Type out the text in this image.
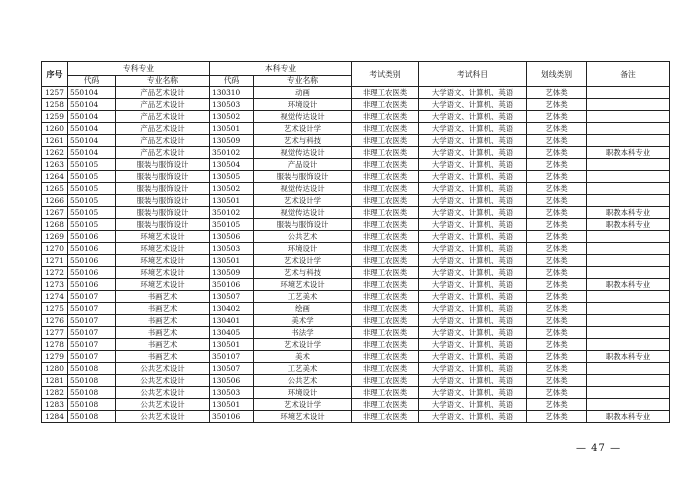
序号	专科专业		本科专业		考试类别	考试科目	划线类别	备注
	代码	专业名称	代码	专业名称				
1257	550104	产品艺术设计	130310	动画	非理工农医类	大学语文、计算机、英语	艺体类	
1258	550104	产品艺术设计	130503	环境设计	非理工农医类	大学语文、计算机、英语	艺体类	
1259	550104	产品艺术设计	130502	视觉传达设计	非理工农医类	大学语文、计算机、英语	艺体类	
1260	550104	产品艺术设计	130501	艺术设计学	非理工农医类	大学语文、计算机、英语	艺体类	
1261	550104	产品艺术设计	130509	艺术与科技	非理工农医类	大学语文、计算机、英语	艺体类	
1262	550104	产品艺术设计	350102	视觉传达设计	非理工农医类	大学语文、计算机、英语	艺体类	职教本科专业
1263	550105	服装与服饰设计	130504	产品设计	非理工农医类	大学语文、计算机、英语	艺体类	
1264	550105	服装与服饰设计	130505	服装与服饰设计	非理工农医类	大学语文、计算机、英语	艺体类	
1265	550105	服装与服饰设计	130502	视觉传达设计	非理工农医类	大学语文、计算机、英语	艺体类	
1266	550105	服装与服饰设计	130501	艺术设计学	非理工农医类	大学语文、计算机、英语	艺体类	
1267	550105	服装与服饰设计	350102	视觉传达设计	非理工农医类	大学语文、计算机、英语	艺体类	职教本科专业
1268	550105	服装与服饰设计	350105	服装与服饰设计	非理工农医类	大学语文、计算机、英语	艺体类	职教本科专业
1269	550106	环境艺术设计	130506	公共艺术	非理工农医类	大学语文、计算机、英语	艺体类	
1270	550106	环境艺术设计	130503	环境设计	非理工农医类	大学语文、计算机、英语	艺体类	
1271	550106	环境艺术设计	130501	艺术设计学	非理工农医类	大学语文、计算机、英语	艺体类	
1272	550106	环境艺术设计	130509	艺术与科技	非理工农医类	大学语文、计算机、英语	艺体类	
1273	550106	环境艺术设计	350106	环境艺术设计	非理工农医类	大学语文、计算机、英语	艺体类	职教本科专业
1274	550107	书画艺术	130507	工艺美术	非理工农医类	大学语文、计算机、英语	艺体类	
1275	550107	书画艺术	130402	绘画	非理工农医类	大学语文、计算机、英语	艺体类	
1276	550107	书画艺术	130401	美术学	非理工农医类	大学语文、计算机、英语	艺体类	
1277	550107	书画艺术	130405	书法学	非理工农医类	大学语文、计算机、英语	艺体类	
1278	550107	书画艺术	130501	艺术设计学	非理工农医类	大学语文、计算机、英语	艺体类	
1279	550107	书画艺术	350107	美术	非理工农医类	大学语文、计算机、英语	艺体类	职教本科专业
1280	550108	公共艺术设计	130507	工艺美术	非理工农医类	大学语文、计算机、英语	艺体类	
1281	550108	公共艺术设计	130506	公共艺术	非理工农医类	大学语文、计算机、英语	艺体类	
1282	550108	公共艺术设计	130503	环境设计	非理工农医类	大学语文、计算机、英语	艺体类	
1283	550108	公共艺术设计	130501	艺术设计学	非理工农医类	大学语文、计算机、英语	艺体类	
1284	550108	公共艺术设计	350106	环境艺术设计	非理工农医类	大学语文、计算机、英语	艺体类	职教本科专业
— 47 —
